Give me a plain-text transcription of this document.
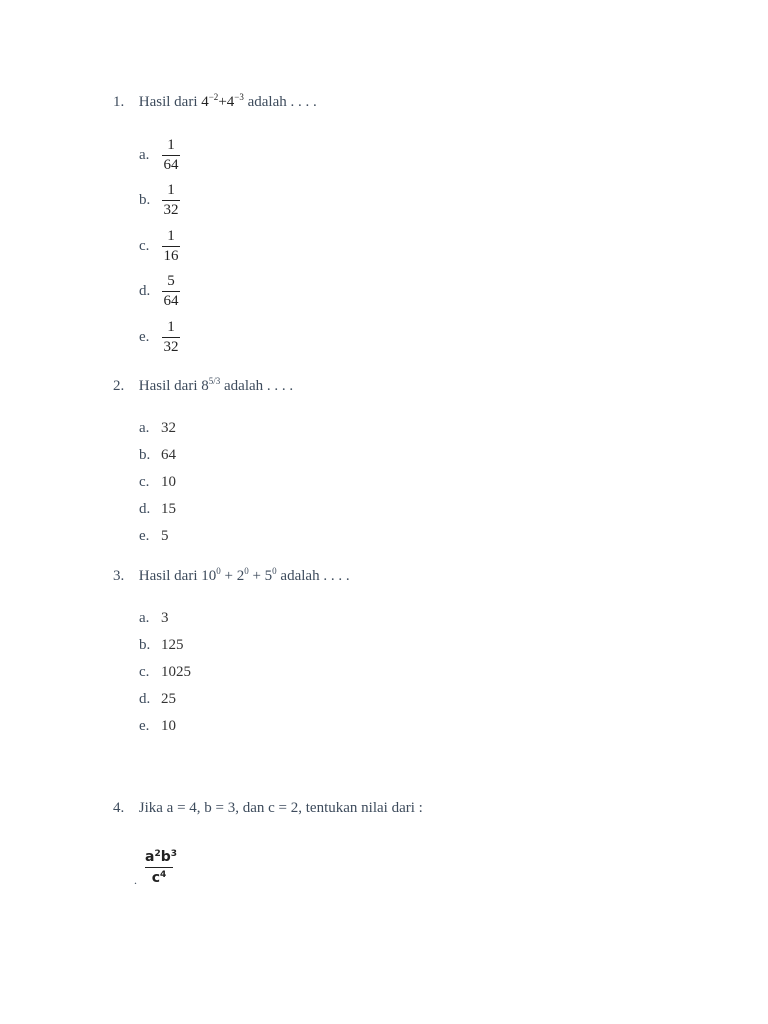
1. Hasil dari $4^{-2}+4^{-3}$ adalah . . . .
a.
1
64
b.
1
32
c.
1
16
d.
5
64
e.
1
32
2. Hasil dari $8^{5/3}$ adalah . . . .
a. 32
b. 64
c. 10
d. 15
e. 5
3. Hasil dari $10^0 + 2^0 + 5^0$ adalah . . . .
a. 3
b. 125
c. 1025
d. 25
e. 10
4. Jika a = 4, b = 3, dan c = 2, tentukan nilai dari :
.
$a^2b^3$
$c^4$
